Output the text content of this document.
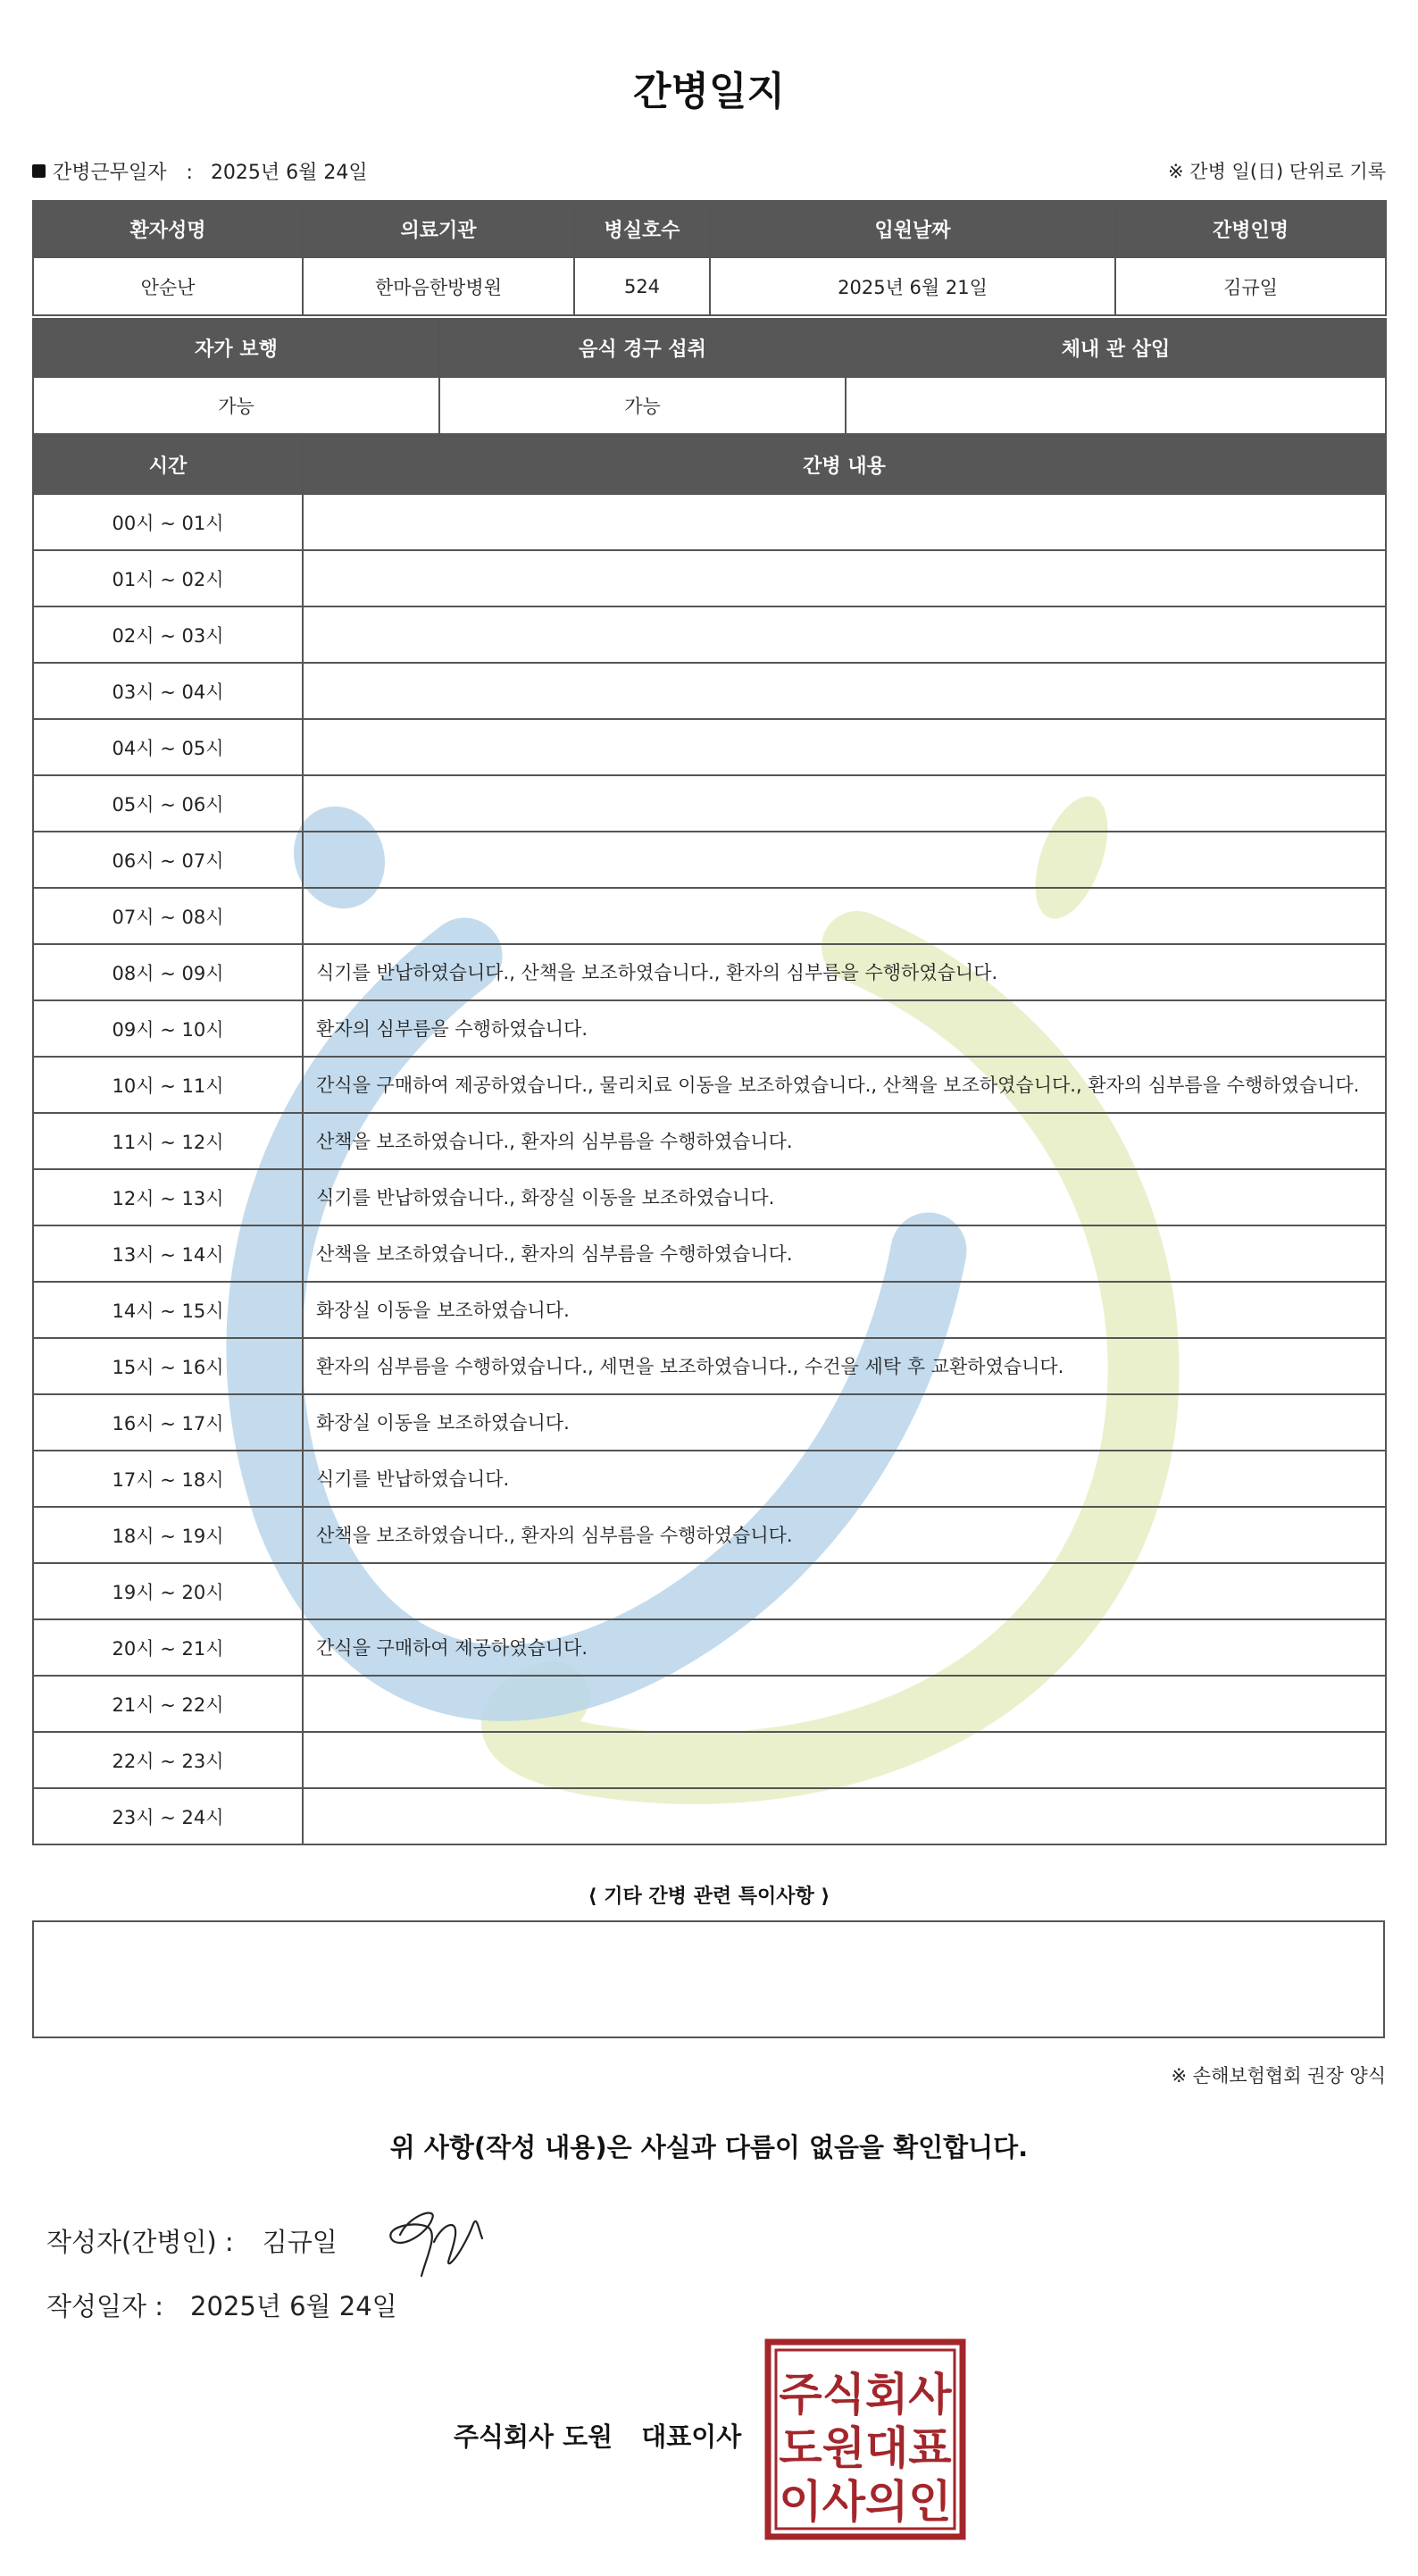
간병일지
간병근무일자　: 2025년 6월 24일	※ 간병 일(日) 단위로 기록
환자성명	의료기관	병실호수	입원날짜	간병인명
안순난	한마음한방병원	524	2025년 6월 21일	김규일
자가 보행	음식 경구 섭취	체내 관 삽입
가능	가능	
시간	간병 내용
00시 ~ 01시	
01시 ~ 02시	
02시 ~ 03시	
03시 ~ 04시	
04시 ~ 05시	
05시 ~ 06시	
06시 ~ 07시	
07시 ~ 08시	
08시 ~ 09시	식기를 반납하였습니다., 산책을 보조하였습니다., 환자의 심부름을 수행하였습니다.
09시 ~ 10시	환자의 심부름을 수행하였습니다.
10시 ~ 11시	간식을 구매하여 제공하였습니다., 물리치료 이동을 보조하였습니다., 산책을 보조하였습니다., 환자의 심부름을 수행하였습니다.
11시 ~ 12시	산책을 보조하였습니다., 환자의 심부름을 수행하였습니다.
12시 ~ 13시	식기를 반납하였습니다., 화장실 이동을 보조하였습니다.
13시 ~ 14시	산책을 보조하였습니다., 환자의 심부름을 수행하였습니다.
14시 ~ 15시	화장실 이동을 보조하였습니다.
15시 ~ 16시	환자의 심부름을 수행하였습니다., 세면을 보조하였습니다., 수건을 세탁 후 교환하였습니다.
16시 ~ 17시	화장실 이동을 보조하였습니다.
17시 ~ 18시	식기를 반납하였습니다.
18시 ~ 19시	산책을 보조하였습니다., 환자의 심부름을 수행하였습니다.
19시 ~ 20시	
20시 ~ 21시	간식을 구매하여 제공하였습니다.
21시 ~ 22시	
22시 ~ 23시	
23시 ~ 24시	
⟨ 기타 간병 관련 특이사항 ⟩
※ 손해보험협회 권장 양식
위 사항(작성 내용)은 사실과 다름이 없음을 확인합니다.
작성자(간병인) : 김규일
작성일자 : 2025년 6월 24일
주식회사 도원 대표이사
주식회사
도원대표
이사의인
